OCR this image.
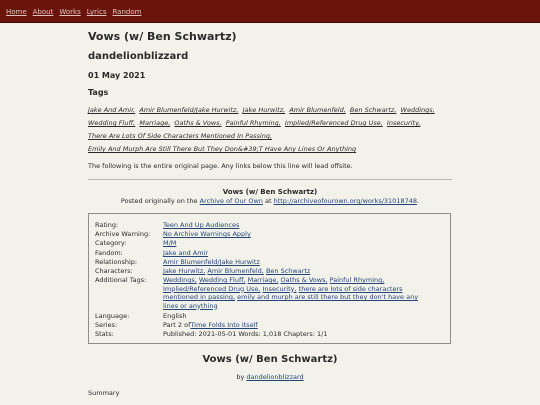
Home About Works Lyrics Random
Vows (w/ Ben Schwartz)
dandelionblizzard
01 May 2021
Tags
Jake And Amir, Amir Blumenfeld/Jake Hurwitz, Jake Hurwitz, Amir Blumenfeld, Ben Schwartz, Weddings,
Wedding Fluff, Marriage, Oaths & Vows, Painful Rhyming, Implied/Referenced Drug Use, Insecurity,
There Are Lots Of Side Characters Mentioned In Passing,
Emily And Murph Are Still There But They Don&#39;T Have Any Lines Or Anything
The following is the entire original page. Any links below this line will lead offsite.
Vows (w/ Ben Schwartz)
Posted originally on the Archive of Our Own at http://archiveofourown.org/works/31018748.
Rating:	Teen And Up Audiences
Archive Warning:	No Archive Warnings Apply
Category:	M/M
Fandom:	Jake and Amir
Relationship:	Amir Blumenfeld/Jake Hurwitz
Characters:	Jake Hurwitz, Amir Blumenfeld, Ben Schwartz
Additional Tags:	Weddings, Wedding Fluff, Marriage, Oaths & Vows, Painful Rhyming,
Implied/Referenced Drug Use, Insecurity, there are lots of side characters
mentioned in passing, emily and murph are still there but they don't have any
lines or anything
Language:	English
Series:	Part 2 ofTime Folds Into Itself
Stats:	Published: 2021-05-01 Words: 1,018 Chapters: 1/1
Vows (w/ Ben Schwartz)
by dandelionblizzard
Summary
